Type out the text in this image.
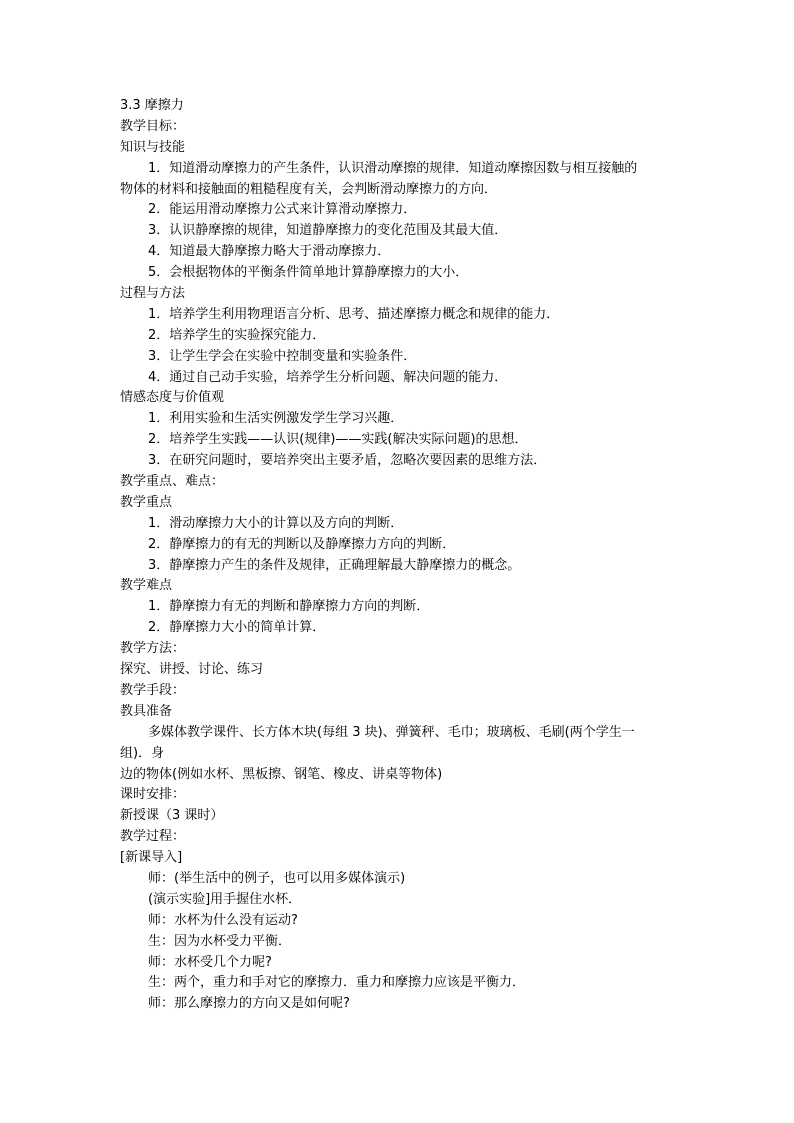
3.3 摩擦力
教学目标：
知识与技能
1．知道滑动摩擦力的产生条件，认识滑动摩擦的规律．知道动摩擦因数与相互接触的
物体的材料和接触面的粗糙程度有关，会判断滑动摩擦力的方向．
2．能运用滑动摩擦力公式来计算滑动摩擦力．
3．认识静摩擦的规律，知道静摩擦力的变化范围及其最大值．
4．知道最大静摩擦力略大于滑动摩擦力．
5．会根据物体的平衡条件简单地计算静摩擦力的大小．
过程与方法
1．培养学生利用物理语言分析、思考、描述摩擦力概念和规律的能力．
2．培养学生的实验探究能力．
3．让学生学会在实验中控制变量和实验条件．
4．通过自己动手实验，培养学生分析问题、解决问题的能力．
情感态度与价值观
1．利用实验和生活实例激发学生学习兴趣．
2．培养学生实践——认识(规律)——实践(解决实际问题)的思想．
3．在研究问题时，要培养突出主要矛盾，忽略次要因素的思维方法．
教学重点、难点：
教学重点
1．滑动摩擦力大小的计算以及方向的判断．
2．静摩擦力的有无的判断以及静摩擦力方向的判断．
3．静摩擦力产生的条件及规律，正确理解最大静摩擦力的概念。
教学难点
1．静摩擦力有无的判断和静摩擦力方向的判断．
2．静摩擦力大小的简单计算．
教学方法：
探究、讲授、讨论、练习
教学手段：
教具准备
多媒体教学课件、长方体木块(每组 3 块)、弹簧秤、毛巾；玻璃板、毛刷(两个学生一
组)．身
边的物体(例如水杯、黑板擦、钢笔、橡皮、讲桌等物体)
课时安排：
新授课（3 课时）
教学过程：
[新课导入]
师：(举生活中的例子，也可以用多媒体演示)
(演示实验]用手握住水杯．
师：水杯为什么没有运动?
生：因为水杯受力平衡．
师：水杯受几个力呢?
生：两个，重力和手对它的摩擦力．重力和摩擦力应该是平衡力．
师：那么摩擦力的方向又是如何呢?
